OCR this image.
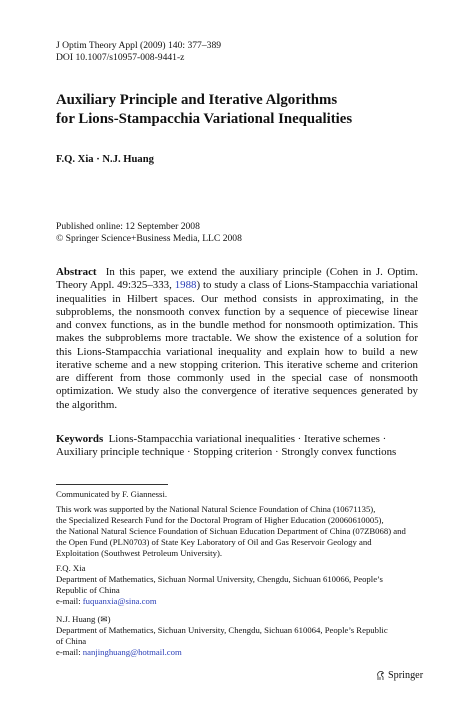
J Optim Theory Appl (2009) 140: 377–389
DOI 10.1007/s10957-008-9441-z
Auxiliary Principle and Iterative Algorithms
for Lions-Stampacchia Variational Inequalities
F.Q. Xia · N.J. Huang
Published online: 12 September 2008
© Springer Science+Business Media, LLC 2008
Abstract In this paper, we extend the auxiliary principle (Cohen in J. Optim. Theory Appl. 49:325–333, 1988) to study a class of Lions-Stampacchia variational inequalities in Hilbert spaces. Our method consists in approximating, in the subproblems, the nonsmooth convex function by a sequence of piecewise linear and convex functions, as in the bundle method for nonsmooth optimization. This makes the subproblems more tractable. We show the existence of a solution for this Lions-Stampacchia variational inequality and explain how to build a new iterative scheme and a new stopping criterion. This iterative scheme and criterion are different from those commonly used in the special case of nonsmooth optimization. We study also the convergence of iterative sequences generated by the algorithm.
Keywords Lions-Stampacchia variational inequalities · Iterative schemes ·
Auxiliary principle technique · Stopping criterion · Strongly convex functions
Communicated by F. Giannessi.
This work was supported by the National Natural Science Foundation of China (10671135),
the Specialized Research Fund for the Doctoral Program of Higher Education (20060610005),
the National Natural Science Foundation of Sichuan Education Department of China (07ZB068) and
the Open Fund (PLN0703) of State Key Laboratory of Oil and Gas Reservoir Geology and
Exploitation (Southwest Petroleum University).
F.Q. Xia
Department of Mathematics, Sichuan Normal University, Chengdu, Sichuan 610066, People’s
Republic of China
e-mail: fuquanxia@sina.com
N.J. Huang (✉)
Department of Mathematics, Sichuan University, Chengdu, Sichuan 610064, People’s Republic
of China
e-mail: nanjinghuang@hotmail.com
Springer
